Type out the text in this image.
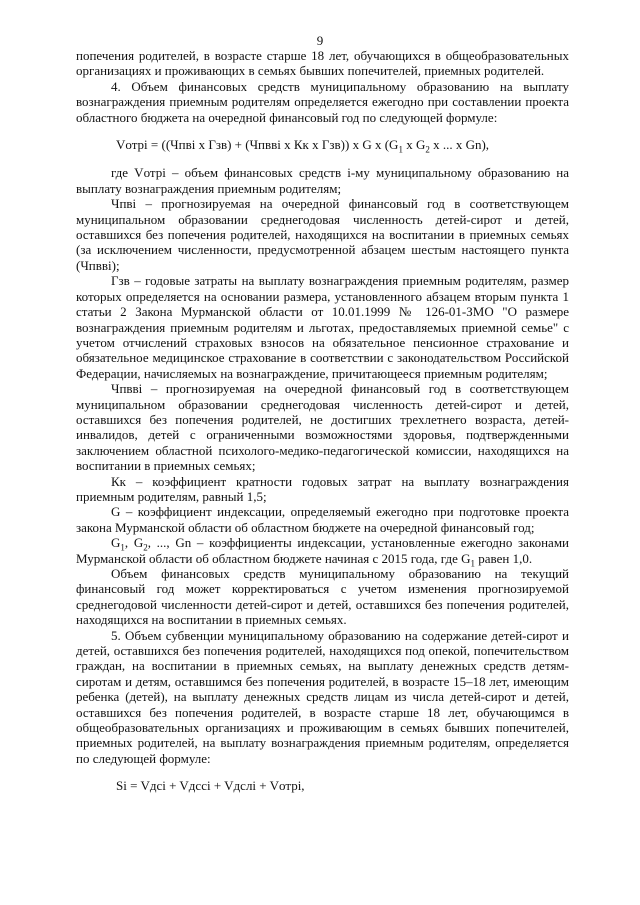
9

попечения родителей, в возрасте старше 18 лет, обучающихся в общеобразовательных организациях и проживающих в семьях бывших попечителей, приемных родителей.

4. Объем финансовых средств муниципальному образованию на выплату вознаграждения приемным родителям определяется ежегодно при составлении проекта областного бюджета на очередной финансовый год по следующей формуле:

Vотрi = ((Чпвi х Гзв) + (Чпввi х Кк х Гзв)) х G х ($G_1$ х $G_2$ х ... х Gn),

где Vотрi – объем финансовых средств i-му муниципальному образованию на выплату вознаграждения приемным родителям;

Чпвi – прогнозируемая на очередной финансовый год в соответствующем муниципальном образовании среднегодовая численность детей-сирот и детей, оставшихся без попечения родителей, находящихся на воспитании в приемных семьях (за исключением численности, предусмотренной абзацем шестым настоящего пункта (Чпввi);

Гзв – годовые затраты на выплату вознаграждения приемным родителям, размер которых определяется на основании размера, установленного абзацем вторым пункта 1 статьи 2 Закона Мурманской области от 10.01.1999 № 126-01-ЗМО "О размере вознаграждения приемным родителям и льготах, предоставляемых приемной семье" с учетом отчислений страховых взносов на обязательное пенсионное страхование и обязательное медицинское страхование в соответствии с законодательством Российской Федерации, начисляемых на вознаграждение, причитающееся приемным родителям;

Чпввi – прогнозируемая на очередной финансовый год в соответствующем муниципальном образовании среднегодовая численность детей-сирот и детей, оставшихся без попечения родителей, не достигших трехлетнего возраста, детей-инвалидов, детей с ограниченными возможностями здоровья, подтвержденными заключением областной психолого-медико-педагогической комиссии, находящихся на воспитании в приемных семьях;

Кк – коэффициент кратности годовых затрат на выплату вознаграждения приемным родителям, равный 1,5;

G – коэффициент индексации, определяемый ежегодно при подготовке проекта закона Мурманской области об областном бюджете на очередной финансовый год;

$G_1$, $G_2$, ..., Gn – коэффициенты индексации, установленные ежегодно законами Мурманской области об областном бюджете начиная с 2015 года, где $G_1$ равен 1,0.

Объем финансовых средств муниципальному образованию на текущий финансовый год может корректироваться с учетом изменения прогнозируемой среднегодовой численности детей-сирот и детей, оставшихся без попечения родителей, находящихся на воспитании в приемных семьях.

5. Объем субвенции муниципальному образованию на содержание детей-сирот и детей, оставшихся без попечения родителей, находящихся под опекой, попечительством граждан, на воспитании в приемных семьях, на выплату денежных средств детям-сиротам и детям, оставшимся без попечения родителей, в возрасте 15–18 лет, имеющим ребенка (детей), на выплату денежных средств лицам из числа детей-сирот и детей, оставшихся без попечения родителей, в возрасте старше 18 лет, обучающимся в общеобразовательных организациях и проживающим в семьях бывших попечителей, приемных родителей, на выплату вознаграждения приемным родителям, определяется по следующей формуле:

Si = Vдсi + Vдссi + Vдслi + Vотрi,
